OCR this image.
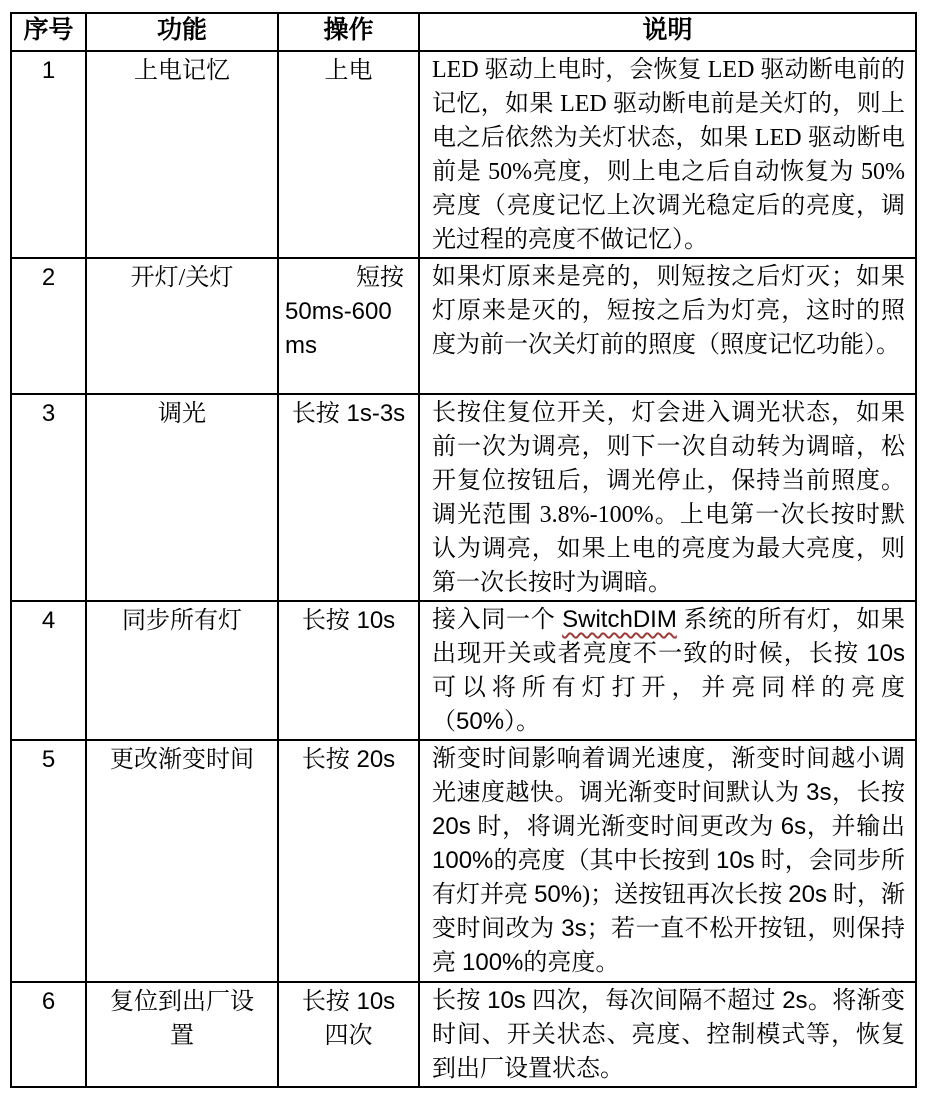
序号	功能	操作	说明
1	上电记忆	上电	LED 驱动上电时，会恢复 LED 驱动断电前的记忆，如果 LED 驱动断电前是关灯的，则上电之后依然为关灯状态，如果 LED 驱动断电前是 50%亮度，则上电之后自动恢复为 50% 亮度（亮度记忆上次调光稳定后的亮度，调光过程的亮度不做记忆）。
2	开灯/关灯	短按
50ms-600
ms	如果灯原来是亮的，则短按之后灯灭；如果灯原来是灭的，短按之后为灯亮，这时的照度为前一次关灯前的照度（照度记忆功能）。
3	调光	长按 1s-3s	长按住复位开关，灯会进入调光状态，如果前一次为调亮，则下一次自动转为调暗，松开复位按钮后，调光停止，保持当前照度。调光范围 3.8%-100%。上电第一次长按时默认为调亮，如果上电的亮度为最大亮度，则第一次长按时为调暗。
4	同步所有灯	长按 10s	接入同一个 SwitchDIM 系统的所有灯，如果出现开关或者亮度不一致的时候，长按 10s 可以将所有灯打开，并亮同样的亮度（50%）。
5	更改渐变时间	长按 20s	渐变时间影响着调光速度，渐变时间越小调光速度越快。调光渐变时间默认为 3s，长按 20s 时，将调光渐变时间更改为 6s，并输出 100%的亮度（其中长按到 10s 时，会同步所有灯并亮 50%)；送按钮再次长按 20s 时，渐变时间改为 3s；若一直不松开按钮，则保持亮 100%的亮度。
6	复位到出厂设置	长按 10s
四次	长按 10s 四次，每次间隔不超过 2s。将渐变时间、开关状态、亮度、控制模式等，恢复到出厂设置状态。
